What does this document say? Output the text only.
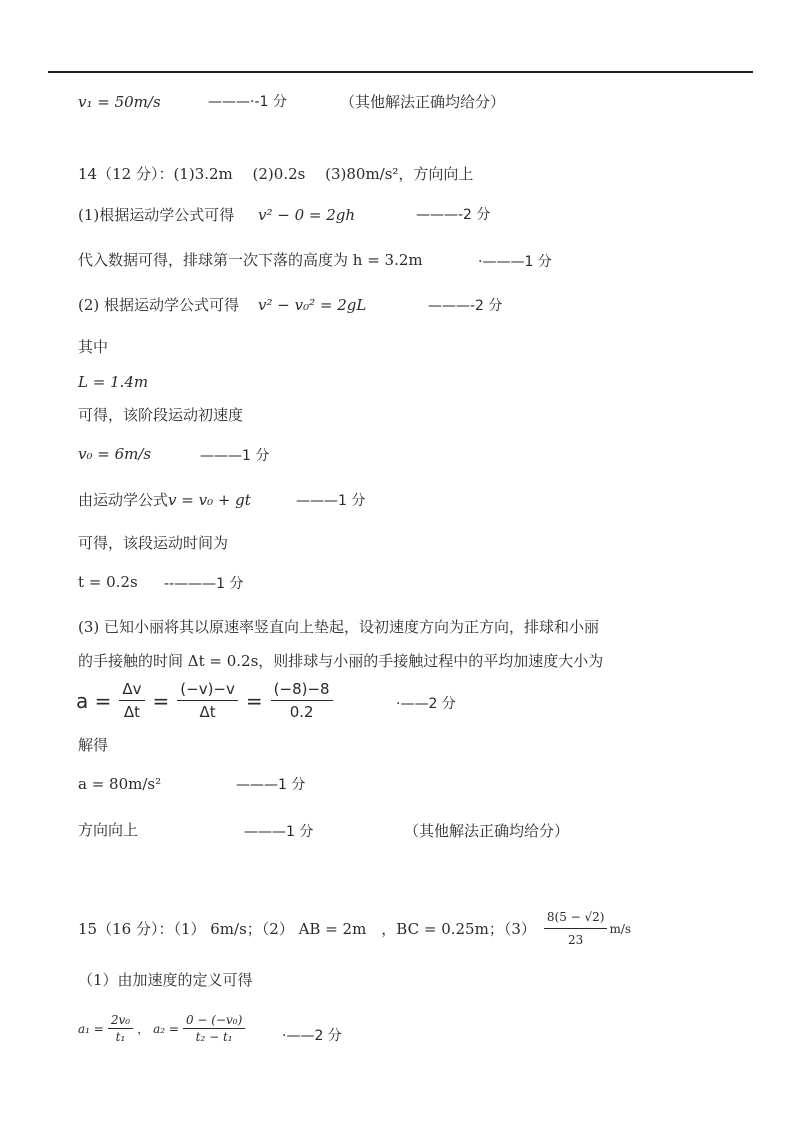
v₁ = 50m/s	———·-1 分	（其他解法正确均给分）
14（12 分）：(1)3.2m　 (2)0.2s　 (3)80m/s²，方向向上
(1)根据运动学公式可得 v² − 0 = 2gh	———-2 分
代入数据可得，排球第一次下落的高度为 h = 3.2m	·———1 分
(2) 根据运动学公式可得 v² − v₀² = 2gL	———-2 分
其中
L = 1.4m
可得，该阶段运动初速度
v₀ = 6m/s	———1 分
由运动学公式v = v₀ + gt	———1 分
可得，该段运动时间为
t = 0.2s --———1 分
(3) 已知小丽将其以原速率竖直向上垫起，设初速度方向为正方向，排球和小丽
的手接触的时间 Δt = 0.2s，则排球与小丽的手接触过程中的平均加速度大小为
$a = \frac{\Delta v}{\Delta t} = \frac{(-v)-v}{\Delta t} = \frac{(-8)-8}{0.2}$	·——2 分
解得
a = 80m/s²	———1 分
方向向上	———1 分	（其他解法正确均给分）
15（16 分）：（1） 6m/s；（2） AB = 2m　，BC = 0.25m；$(3) \frac{8(5 - √2)}{23} m/s$
（1）由加速度的定义可得
$a_1 = \frac{\text{2v₀}}{\text{t₁}}$ ， $a_2 = \frac{\text{0 − (−v₀)}}{\text{t₂ − t₁}}$	·——2 分
